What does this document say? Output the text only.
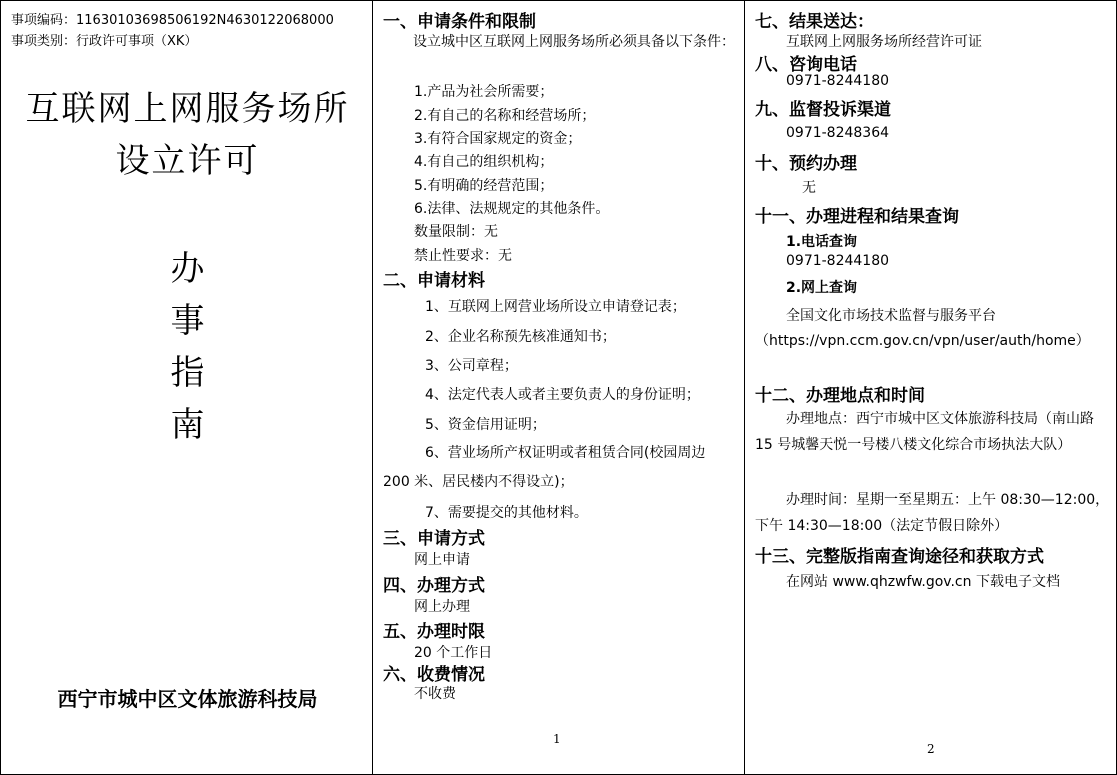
事项编码：11630103698506192N4630122068000
事项类别：行政许可事项（XK）
互联网上网服务场所
设立许可
办
事
指
南
西宁市城中区文体旅游科技局
一、申请条件和限制
设立城中区互联网上网服务场所必须具备以下条件：
1.产品为社会所需要；
2.有自己的名称和经营场所；
3.有符合国家规定的资金；
4.有自己的组织机构；
5.有明确的经营范围；
6.法律、法规规定的其他条件。
数量限制：无
禁止性要求：无
二、申请材料
1、互联网上网营业场所设立申请登记表；
2、企业名称预先核准通知书；
3、公司章程；
4、法定代表人或者主要负责人的身份证明；
5、资金信用证明；
6、营业场所产权证明或者租赁合同(校园周边 200 米、居民楼内不得设立)；
7、需要提交的其他材料。
三、申请方式
网上申请
四、办理方式
网上办理
五、办理时限
20 个工作日
六、收费情况
不收费
1
七、结果送达：
互联网上网服务场所经营许可证
八、咨询电话
0971-8244180
九、监督投诉渠道
0971-8248364
十、预约办理
无
十一、办理进程和结果查询
1.电话查询
0971-8244180
2.网上查询
全国文化市场技术监督与服务平台
（https://vpn.ccm.gov.cn/vpn/user/auth/home）
十二、办理地点和时间
办理地点：西宁市城中区文体旅游科技局（南山路 15 号城馨天悦一号楼八楼文化综合市场执法大队）
办理时间：星期一至星期五：上午 08:30—12:00，下午 14:30—18:00（法定节假日除外）
十三、完整版指南查询途径和获取方式
在网站 www.qhzwfw.gov.cn 下载电子文档
2
